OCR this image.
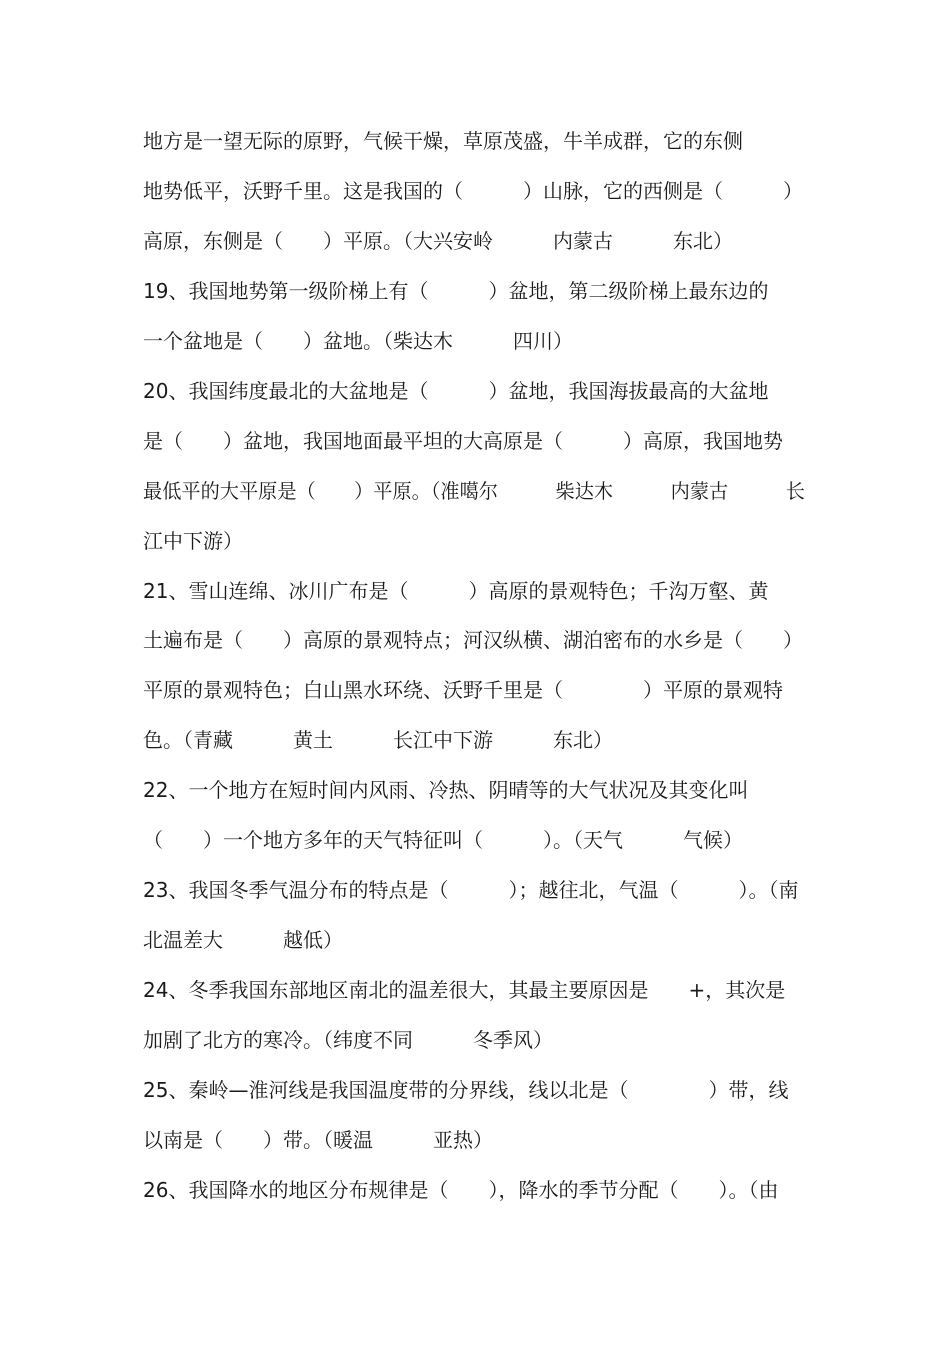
地方是一望无际的原野，气候干燥，草原茂盛，牛羊成群，它的东侧
地势低平，沃野千里。这是我国的（　　　）山脉，它的西侧是（　　　）
高原，东侧是（　　）平原。（大兴安岭　　　内蒙古　　　东北）
19、我国地势第一级阶梯上有（　　　）盆地，第二级阶梯上最东边的
一个盆地是（　　）盆地。（柴达木　　　四川）
20、我国纬度最北的大盆地是（　　　）盆地，我国海拔最高的大盆地
是（　　）盆地，我国地面最平坦的大高原是（　　　）高原，我国地势
最低平的大平原是（　　）平原。（准噶尔　　　柴达木　　　内蒙古　　　长
江中下游）
21、雪山连绵、冰川广布是（　　　）高原的景观特色；千沟万壑、黄
土遍布是（　　）高原的景观特点；河汉纵横、湖泊密布的水乡是（　　）
平原的景观特色；白山黑水环绕、沃野千里是（　　　　）平原的景观特
色。（青藏　　　黄土　　　长江中下游　　　东北）
22、一个地方在短时间内风雨、冷热、阴晴等的大气状况及其变化叫
（　　）一个地方多年的天气特征叫（　　　）。（天气　　　气候）
23、我国冬季气温分布的特点是（　　　）；越往北，气温（　　　）。（南
北温差大　　　越低）
24、冬季我国东部地区南北的温差很大，其最主要原因是　　+，其次是
加剧了北方的寒冷。（纬度不同　　　冬季风）
25、秦岭—淮河线是我国温度带的分界线，线以北是（　　　　）带，线
以南是（　　）带。（暖温　　　亚热）
26、我国降水的地区分布规律是（　　），降水的季节分配（　　）。（由
